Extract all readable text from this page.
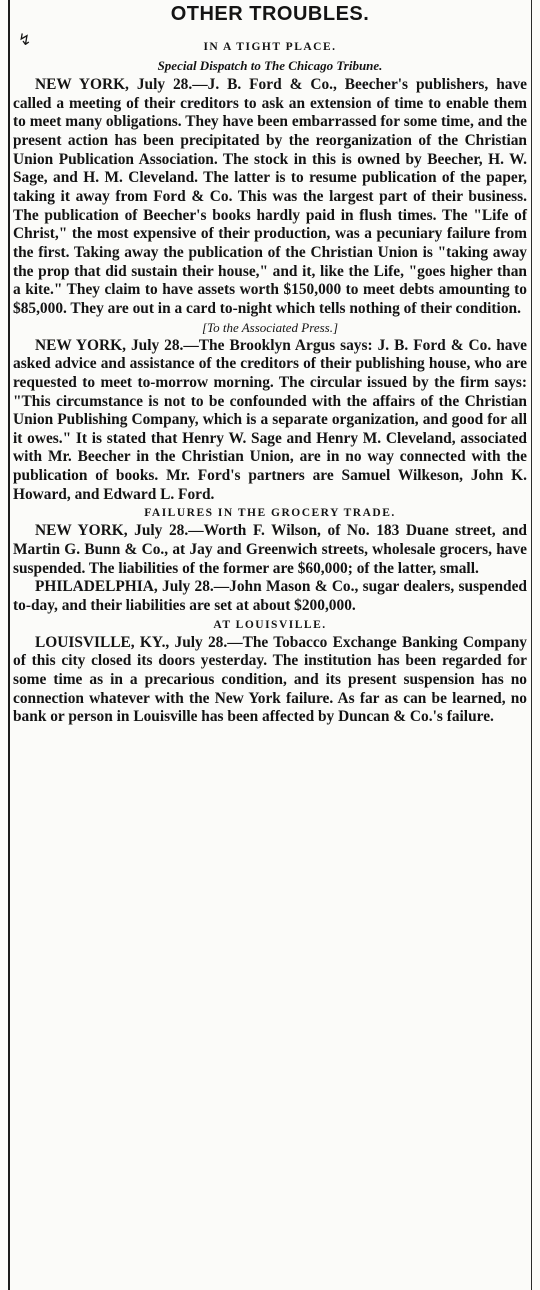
↯
OTHER TROUBLES.

IN A TIGHT PLACE.

Special Dispatch to The Chicago Tribune.

NEW YORK, July 28.—J. B. Ford & Co., Beecher's publishers, have called a meeting of their creditors to ask an extension of time to enable them to meet many obligations. They have been embarrassed for some time, and the present action has been precipitated by the reorganization of the Christian Union Publication Association. The stock in this is owned by Beecher, H. W. Sage, and H. M. Cleveland. The latter is to resume publication of the paper, taking it away from Ford & Co. This was the largest part of their business. The publication of Beecher's books hardly paid in flush times. The "Life of Christ," the most expensive of their production, was a pecuniary failure from the first. Taking away the publication of the Christian Union is "taking away the prop that did sustain their house," and it, like the Life, "goes higher than a kite." They claim to have assets worth $150,000 to meet debts amounting to $85,000. They are out in a card to-night which tells nothing of their condition.

[To the Associated Press.]

NEW YORK, July 28.—The Brooklyn Argus says: J. B. Ford & Co. have asked advice and assistance of the creditors of their publishing house, who are requested to meet to-morrow morning. The circular issued by the firm says: "This circumstance is not to be confounded with the affairs of the Christian Union Publishing Company, which is a separate organization, and good for all it owes." It is stated that Henry W. Sage and Henry M. Cleveland, associated with Mr. Beecher in the Christian Union, are in no way connected with the publication of books. Mr. Ford's partners are Samuel Wilkeson, John K. Howard, and Edward L. Ford.

FAILURES IN THE GROCERY TRADE.

NEW YORK, July 28.—Worth F. Wilson, of No. 183 Duane street, and Martin G. Bunn & Co., at Jay and Greenwich streets, wholesale grocers, have suspended. The liabilities of the former are $60,000; of the latter, small.

PHILADELPHIA, July 28.—John Mason & Co., sugar dealers, suspended to-day, and their liabilities are set at about $200,000.

AT LOUISVILLE.

LOUISVILLE, KY., July 28.—The Tobacco Exchange Banking Company of this city closed its doors yesterday. The institution has been regarded for some time as in a precarious condition, and its present suspension has no connection whatever with the New York failure. As far as can be learned, no bank or person in Louisville has been affected by Duncan & Co.'s failure.
